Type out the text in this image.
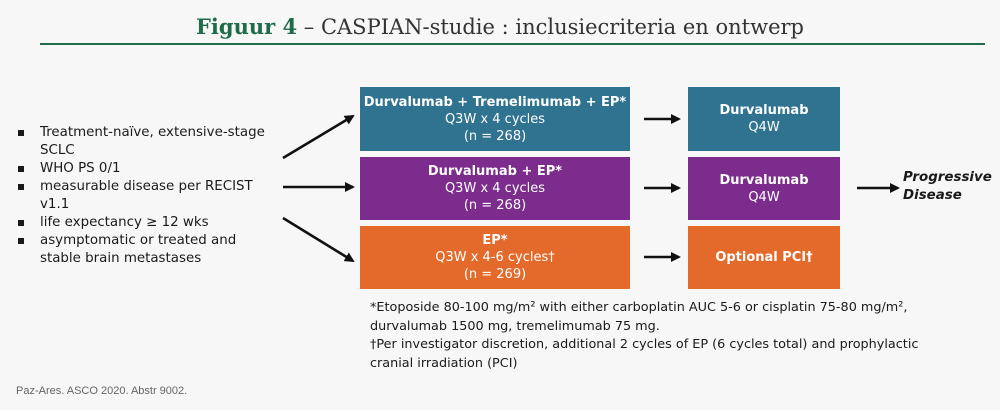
Figuur 4 – CASPIAN-studie : inclusiecriteria en ontwerp
Treatment-naïve, extensive-stage SCLC
WHO PS 0/1
measurable disease per RECIST v1.1
life expectancy ≥ 12 wks
asymptomatic or treated and stable brain metastases
Durvalumab + Tremelimumab + EP*
Q3W x 4 cycles
(n = 268)
Durvalumab + EP*
Q3W x 4 cycles
(n = 268)
EP*
Q3W x 4-6 cycles†
(n = 269)
Durvalumab
Q4W
Durvalumab
Q4W
Optional PCI†
Progressive Disease

*Etoposide 80-100 mg/m² with either carboplatin AUC 5-6 or cisplatin 75-80 mg/m²,

durvalumab 1500 mg, tremelimumab 75 mg.

†Per investigator discretion, additional 2 cycles of EP (6 cycles total) and prophylactic

cranial irradiation (PCI)

Paz-Ares. ASCO 2020. Abstr 9002.
